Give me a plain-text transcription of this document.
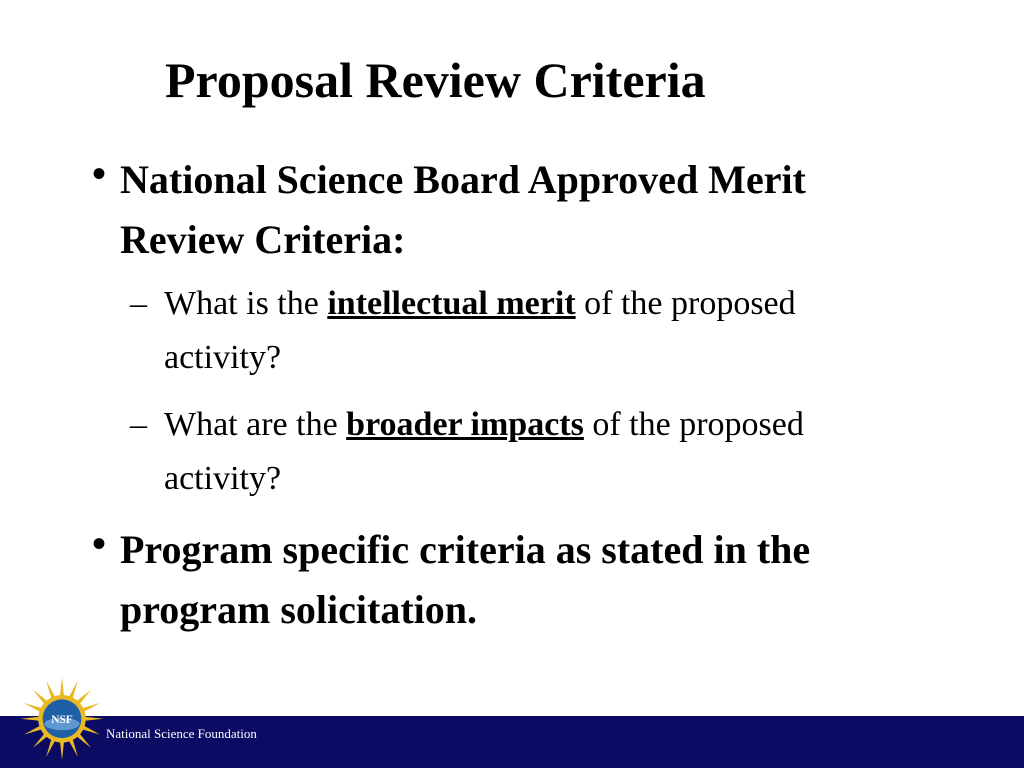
Proposal Review Criteria
• National Science Board Approved Merit Review Criteria:
– What is the intellectual merit of the proposed activity?
– What are the broader impacts of the proposed activity?
• Program specific criteria as stated in the program solicitation.
NSF
National Science Foundation
